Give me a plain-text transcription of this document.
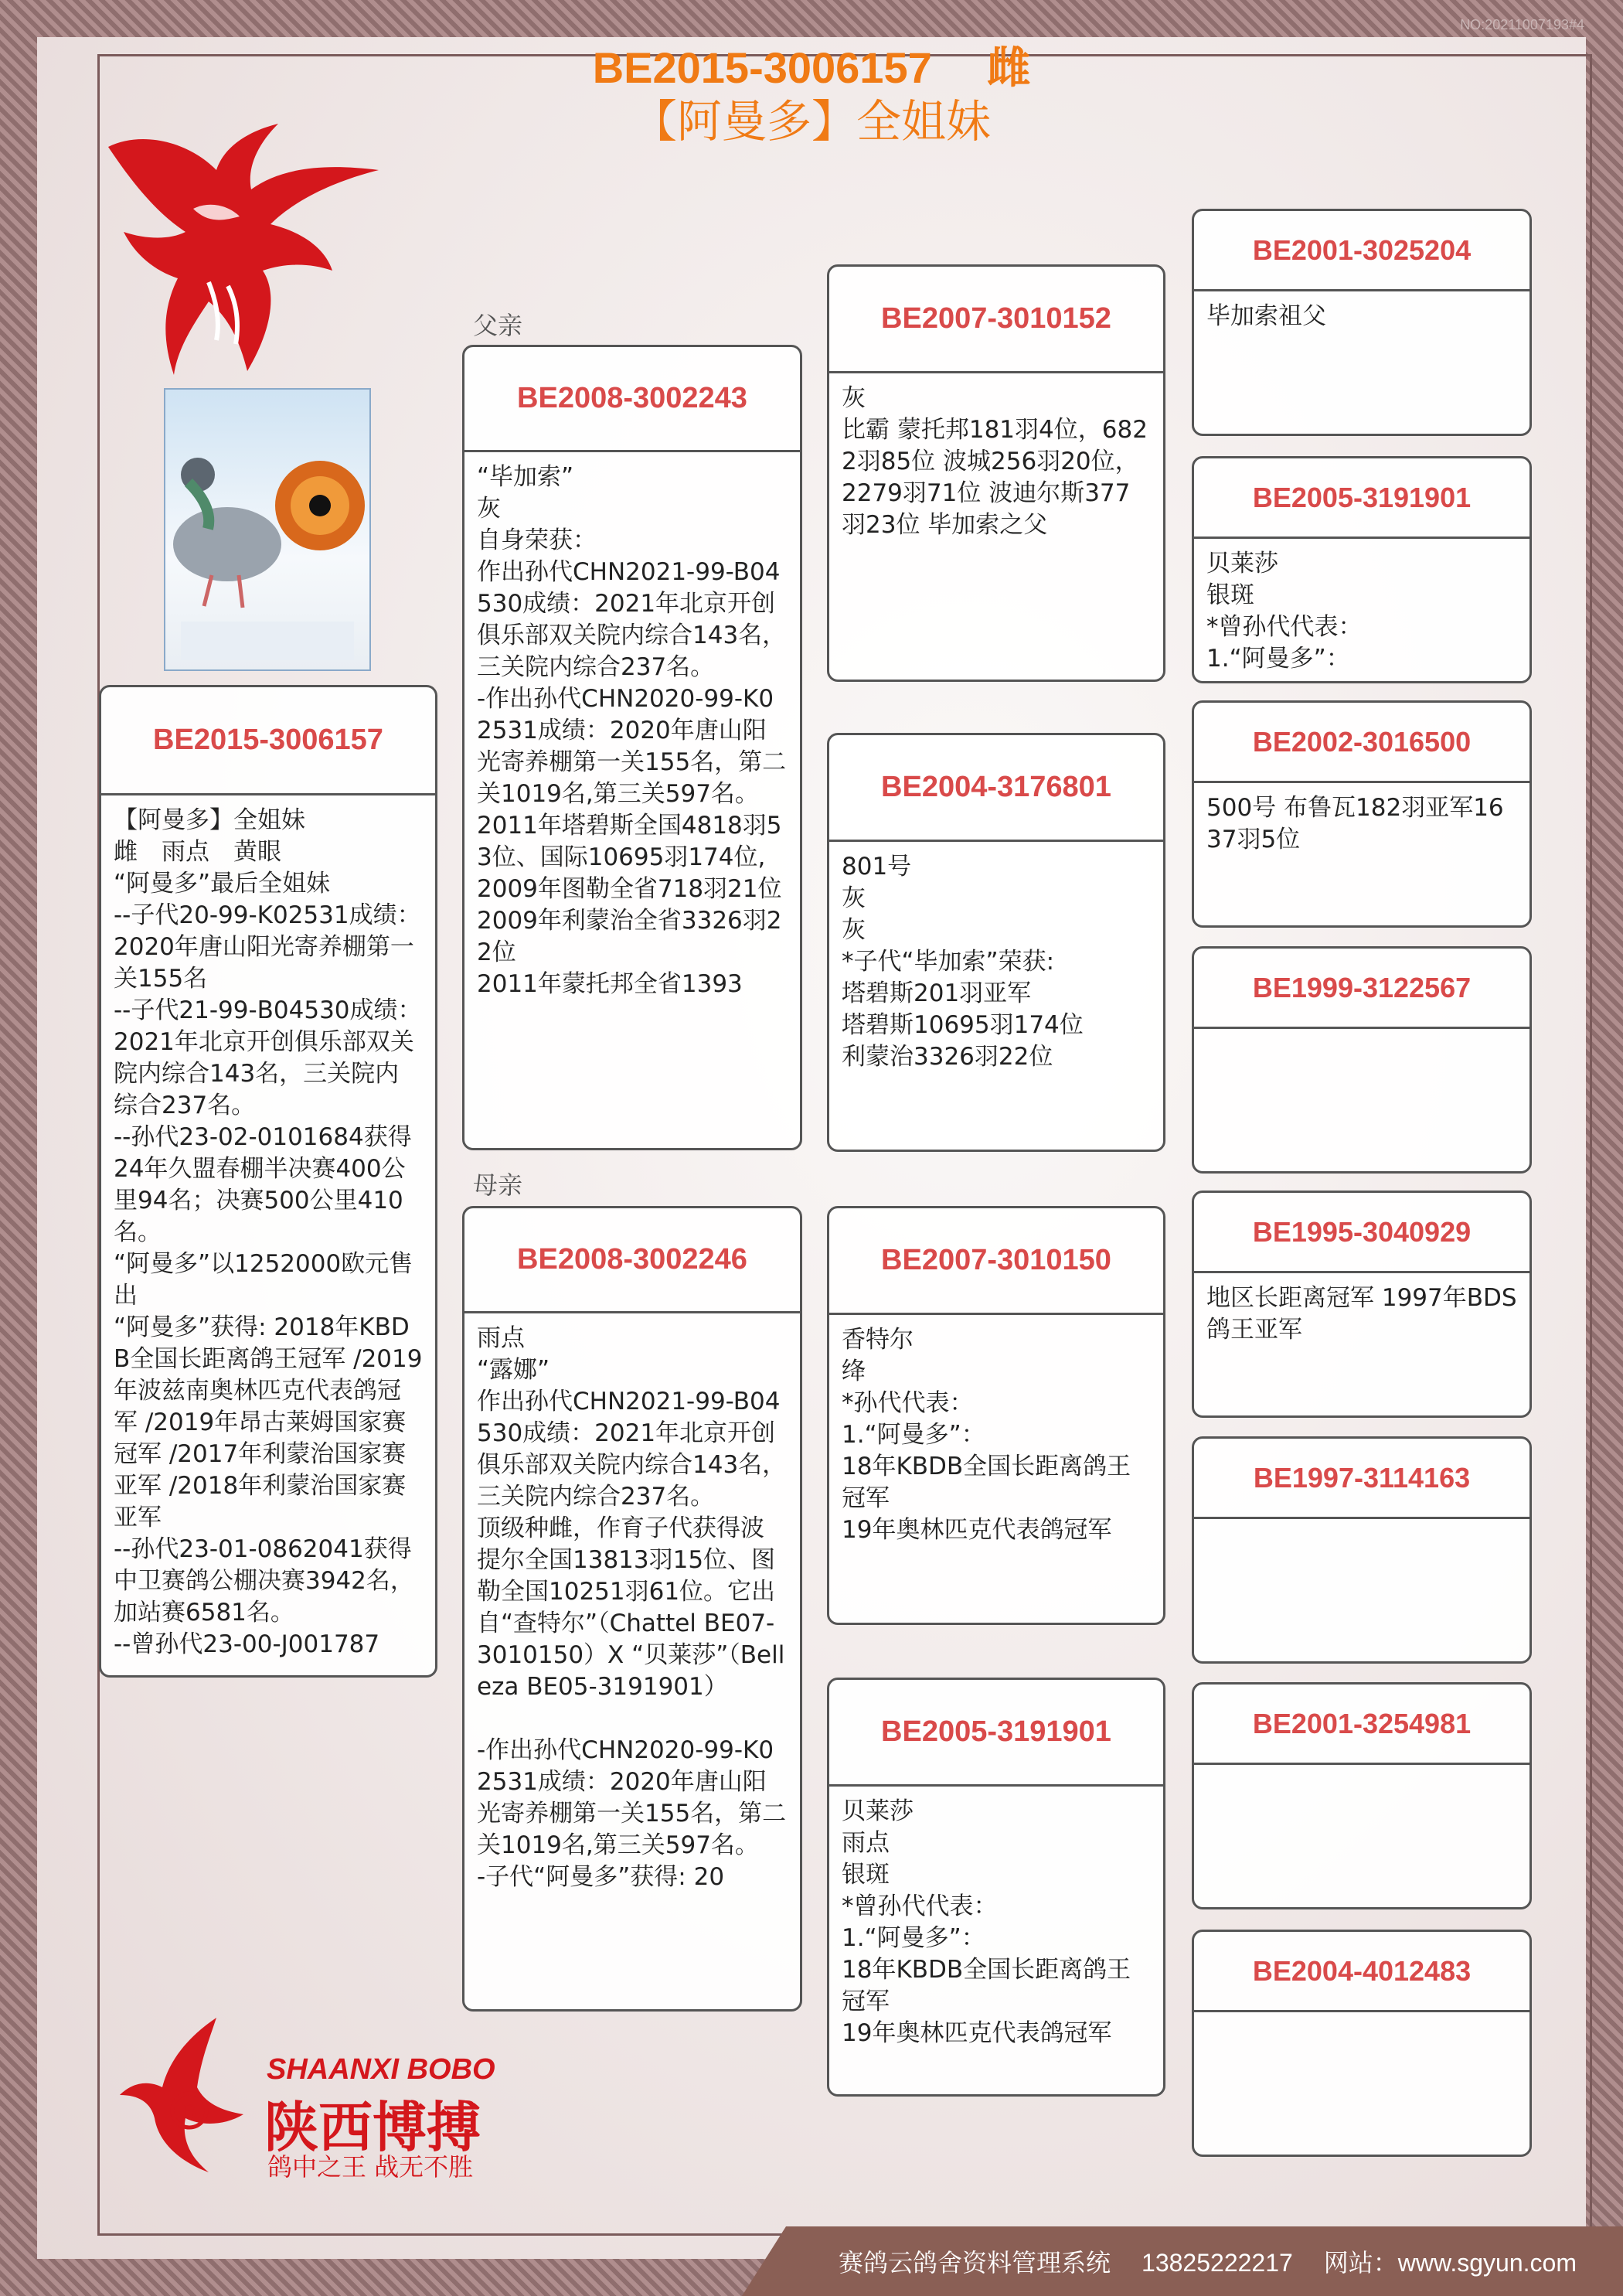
NO:20211007193#4
BE2015-3006157　 雌
【阿曼多】全姐妹
BE2015-3006157
【阿曼多】全姐妹
雌　雨点　黄眼
“阿曼多”最后全姐妹
--子代20-99-K02531成绩：2020年唐山阳光寄养棚第一关155名
--子代21-99-B04530成绩：2021年北京开创俱乐部双关院内综合143名，三关院内综合237名。
--孙代23-02-0101684获得24年久盟春棚半决赛400公里94名；决赛500公里410名。
“阿曼多”以1252000欧元售出
“阿曼多”获得: 2018年KBDB全国长距离鸽王冠军 /2019年波兹南奥林匹克代表鸽冠军 /2019年昂古莱姆国家赛冠军 /2017年利蒙治国家赛亚军 /2018年利蒙治国家赛亚军
--孙代23-01-0862041获得中卫赛鸽公棚决赛3942名，加站赛6581名。
--曾孙代23-00-J001787
父亲
BE2008-3002243
“毕加索”
灰
自身荣获：
作出孙代CHN2021-99-B04530成绩：2021年北京开创俱乐部双关院内综合143名，三关院内综合237名。
-作出孙代CHN2020-99-K02531成绩：2020年唐山阳光寄养棚第一关155名，第二关1019名,第三关597名。
2011年塔碧斯全国4818羽53位、国际10695羽174位,
2009年图勒全省718羽21位
2009年利蒙治全省3326羽22位
2011年蒙托邦全省1393
母亲
BE2008-3002246
雨点
“露娜”
作出孙代CHN2021-99-B04530成绩：2021年北京开创俱乐部双关院内综合143名，三关院内综合237名。
顶级种雌，作育子代获得波提尔全国13813羽15位、图勒全国10251羽61位。它出自“查特尔”（Chattel BE07-3010150）X “贝莱莎”（Belleza BE05-3191901）

-作出孙代CHN2020-99-K02531成绩：2020年唐山阳光寄养棚第一关155名，第二关1019名,第三关597名。
-子代“阿曼多”获得: 20
BE2007-3010152
灰
比霸 蒙托邦181羽4位，6822羽85位 波城256羽20位，2279羽71位 波迪尔斯377羽23位 毕加索之父
BE2004-3176801
801号
灰
灰
*子代“毕加索”荣获:
塔碧斯201羽亚军
塔碧斯10695羽174位
利蒙治3326羽22位
BE2007-3010150
香特尔
绛
*孙代代表：
1.“阿曼多”：
18年KBDB全国长距离鸽王冠军
19年奥林匹克代表鸽冠军
BE2005-3191901
贝莱莎
雨点
银斑
*曾孙代代表：
1.“阿曼多”：
18年KBDB全国长距离鸽王冠军
19年奥林匹克代表鸽冠军
BE2001-3025204
毕加索祖父
BE2005-3191901
贝莱莎
银斑
*曾孙代代表：
1.“阿曼多”：
BE2002-3016500
500号 布鲁瓦182羽亚军1637羽5位
BE1999-3122567
BE1995-3040929
地区长距离冠军 1997年BDS鸽王亚军
BE1997-3114163
BE2001-3254981
BE2004-4012483
B
SHAANXI BOBO
陕西博搏
鸽中之王 战无不胜
赛鸽云鸽舍资料管理系统 13825222217 网站：www.sgyun.com
